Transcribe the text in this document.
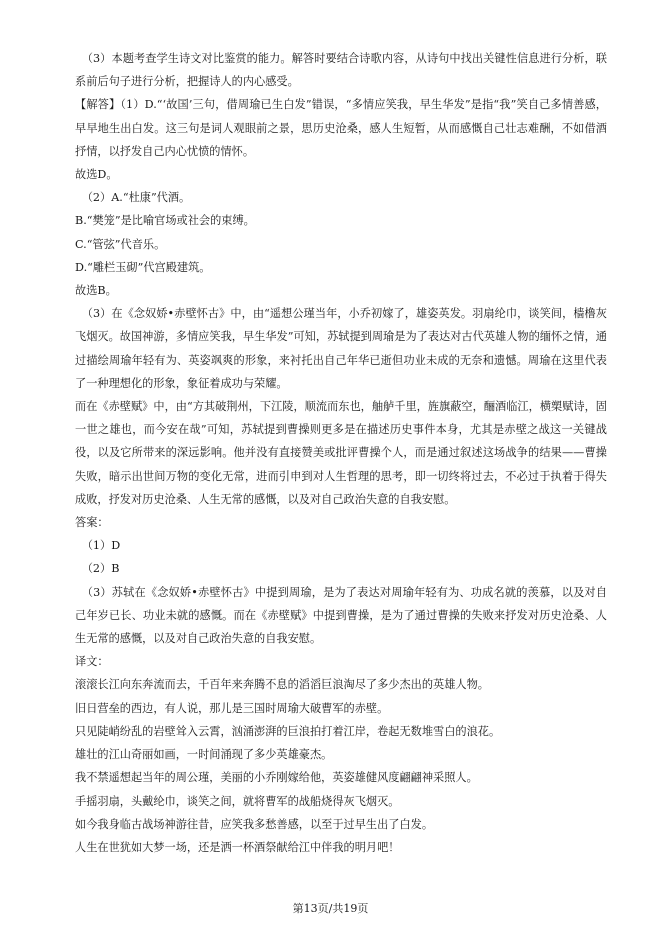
（3）本题考查学生诗文对比鉴赏的能力。解答时要结合诗歌内容，从诗句中找出关键性信息进行分析，联系前后句子进行分析，把握诗人的内心感受。

【解答】（1）D.“‘故国’三句，借周瑜已生白发”错误，“多情应笑我，早生华发”是指“我”笑自己多情善感，早早地生出白发。这三句是词人观眼前之景，思历史沧桑，感人生短暂，从而感慨自己壮志难酬，不如借酒抒情，以抒发自己内心忧愤的情怀。

故选D。

（2）A.“杜康”代酒。

B.“樊笼”是比喻官场或社会的束缚。

C.“管弦”代音乐。

D.“雕栏玉砌”代宫殿建筑。

故选B。

（3）在《念奴娇•赤壁怀古》中，由“遥想公瑾当年，小乔初嫁了，雄姿英发。羽扇纶巾，谈笑间，樯橹灰飞烟灭。故国神游，多情应笑我，早生华发”可知，苏轼提到周瑜是为了表达对古代英雄人物的缅怀之情，通过描绘周瑜年轻有为、英姿飒爽的形象，来衬托出自己年华已逝但功业未成的无奈和遗憾。周瑜在这里代表了一种理想化的形象，象征着成功与荣耀。

而在《赤壁赋》中，由“方其破荆州，下江陵，顺流而东也，舳舻千里，旌旗蔽空，酾酒临江，横槊赋诗，固一世之雄也，而今安在哉”可知，苏轼提到曹操则更多是在描述历史事件本身，尤其是赤壁之战这一关键战役，以及它所带来的深远影响。他并没有直接赞美或批评曹操个人，而是通过叙述这场战争的结果——曹操失败，暗示出世间万物的变化无常，进而引申到对人生哲理的思考，即一切终将过去，不必过于执着于得失成败，抒发对历史沧桑、人生无常的感慨，以及对自己政治失意的自我安慰。

答案：

（1）D

（2）B

（3）苏轼在《念奴娇•赤壁怀古》中提到周瑜，是为了表达对周瑜年轻有为、功成名就的羡慕，以及对自己年岁已长、功业未就的感慨。而在《赤壁赋》中提到曹操，是为了通过曹操的失败来抒发对历史沧桑、人生无常的感慨，以及对自己政治失意的自我安慰。

译文：

滚滚长江向东奔流而去，千百年来奔腾不息的滔滔巨浪淘尽了多少杰出的英雄人物。

旧日营垒的西边，有人说，那儿是三国时周瑜大破曹军的赤壁。

只见陡峭纷乱的岩壁耸入云霄，汹涌澎湃的巨浪拍打着江岸，卷起无数堆雪白的浪花。

雄壮的江山奇丽如画，一时间涌现了多少英雄豪杰。

我不禁遥想起当年的周公瑾，美丽的小乔刚嫁给他，英姿雄健风度翩翩神采照人。

手摇羽扇，头戴纶巾，谈笑之间，就将曹军的战船烧得灰飞烟灭。

如今我身临古战场神游往昔，应笑我多愁善感，以至于过早生出了白发。

人生在世犹如大梦一场，还是洒一杯酒祭献给江中伴我的明月吧！

第13页/共19页
